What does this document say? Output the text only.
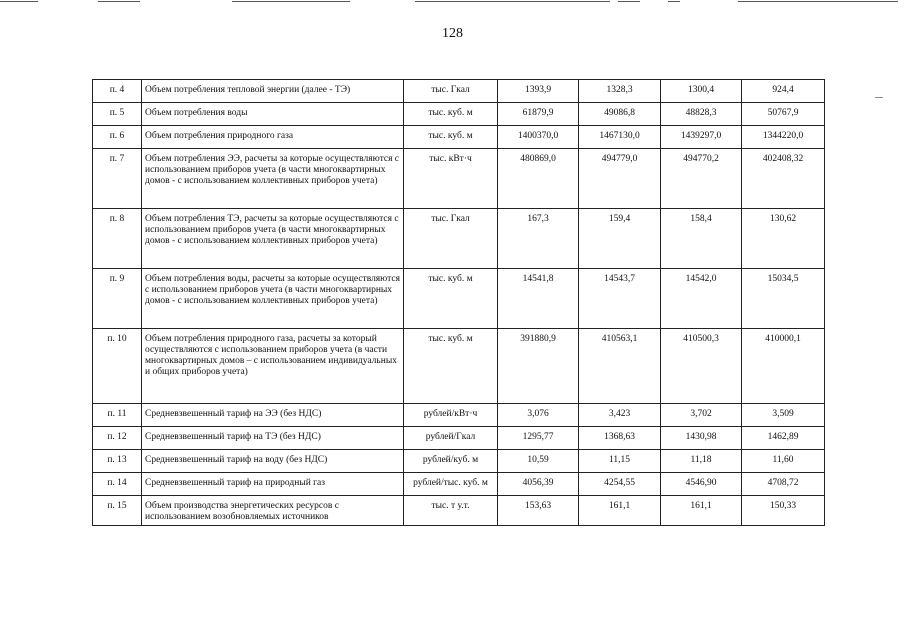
128
п. 4	Объем потребления тепловой энергии (далее - ТЭ)	тыс. Гкал	1393,9	1328,3	1300,4	924,4

п. 5	Объем потребления воды	тыс. куб. м	61879,9	49086,8	48828,3	50767,9

п. 6	Объем потребления природного газа	тыс. куб. м	1400370,0	1467130,0	1439297,0	1344220,0

п. 7	Объем потребления ЭЭ, расчеты за которые осуществляются с использованием приборов учета (в части многоквартирных домов - с использованием коллективных приборов учета)	тыс. кВт·ч	480869,0	494779,0	494770,2	402408,32

п. 8	Объем потребления ТЭ, расчеты за которые осуществляются с использованием приборов учета (в части многоквартирных домов - с использованием коллективных приборов учета)	тыс. Гкал	167,3	159,4	158,4	130,62

п. 9	Объем потребления воды, расчеты за которые осуществляются с использованием приборов учета (в части многоквартирных домов - с использованием коллективных приборов учета)	тыс. куб. м	14541,8	14543,7	14542,0	15034,5

п. 10	Объем потребления природного газа, расчеты за который осуществляются с использованием приборов учета (в части многоквартирных домов – с использованием индивидуальных и общих приборов учета)	тыс. куб. м	391880,9	410563,1	410500,3	410000,1

п. 11	Средневзвешенный тариф на ЭЭ (без НДС)	рублей/кВт·ч	3,076	3,423	3,702	3,509

п. 12	Средневзвешенный тариф на ТЭ (без НДС)	рублей/Гкал	1295,77	1368,63	1430,98	1462,89

п. 13	Средневзвешенный тариф на воду (без НДС)	рублей/куб. м	10,59	11,15	11,18	11,60

п. 14	Средневзвешенный тариф на природный газ	рублей/тыс. куб. м	4056,39	4254,55	4546,90	4708,72

п. 15	Объем производства энергетических ресурсов с использованием возобновляемых источников	тыс. т у.т.	153,63	161,1	161,1	150,33
